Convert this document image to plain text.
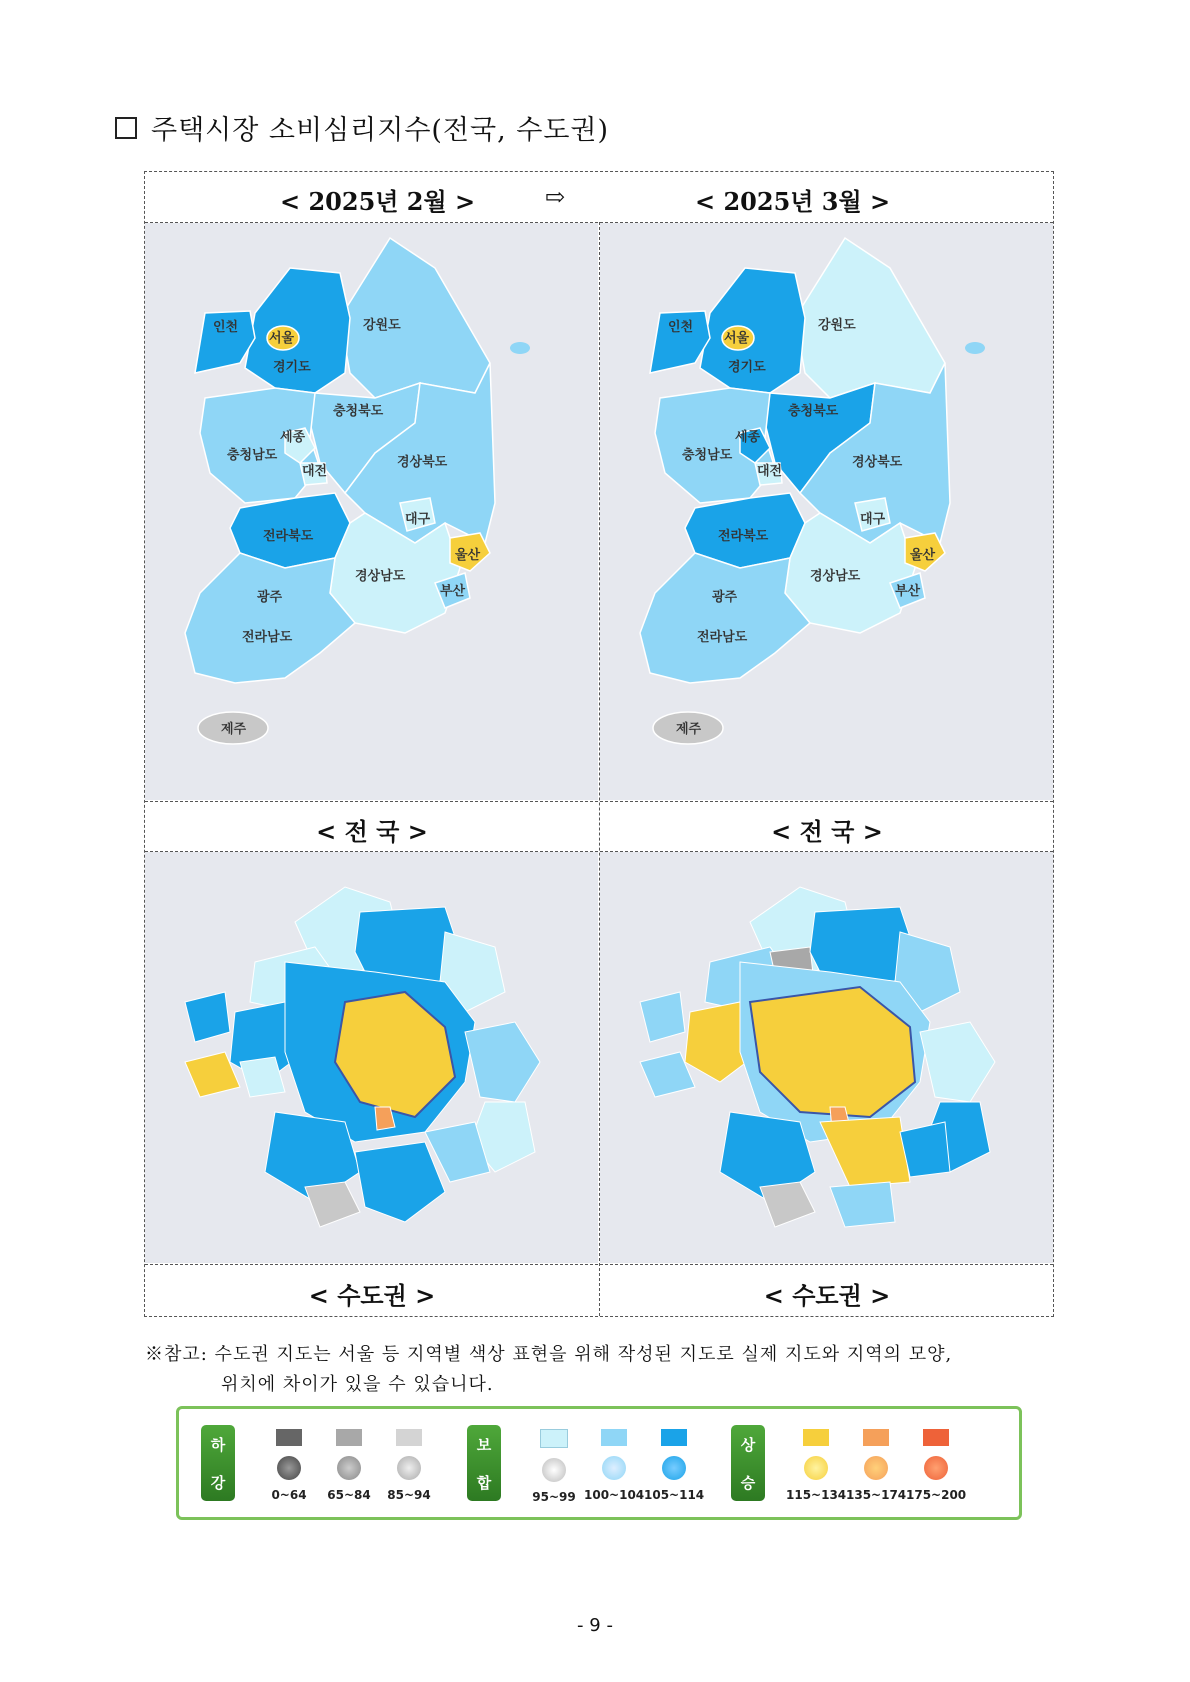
주택시장 소비심리지수(전국, 수도권)
< 2025년 2월 >	⇨	< 2025년 3월 >
인천
서울
경기도
강원도
충청북도
세종
충청남도
대전
경상북도
대구
전라북도
울산
경상남도
부산
광주
전라남도
제주
인천
서울
경기도
강원도
충청북도
세종
충청남도
대전
경상북도
대구
전라북도
울산
경상남도
부산
광주
전라남도
제주
< 전 국 >	< 전 국 >
< 수도권 >	< 수도권 >
※참고: 수도권 지도는 서울 등 지역별 색상 표현을 위해 작성된 지도로 실제 지도와 지역의 모양,
위치에 차이가 있을 수 있습니다.
하
강
0~64	65~84	85~94
보
합
95~99 100~104 105~114
상
승
115~134 135~174 175~200
- 9 -
